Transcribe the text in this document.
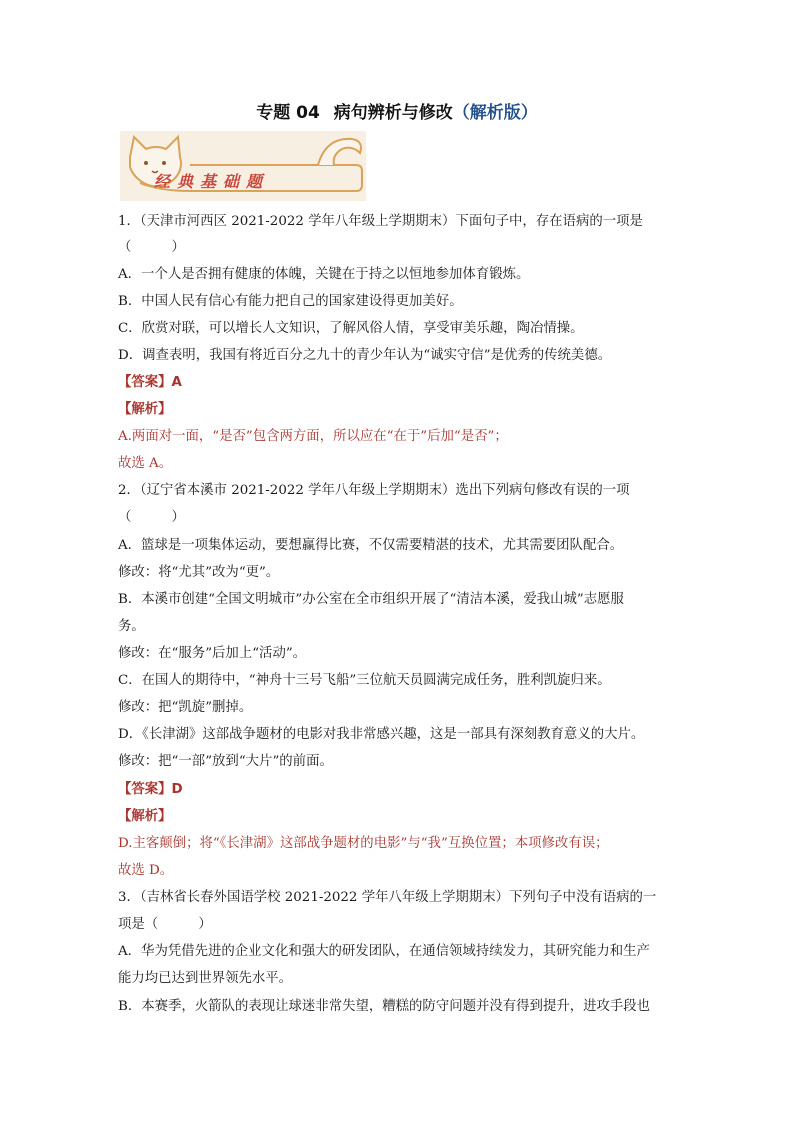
专题 04 病句辨析与修改（解析版）
经典基础题
1．（天津市河西区 2021-2022 学年八年级上学期期末）下面句子中，存在语病的一项是
（　　　）
A．一个人是否拥有健康的体魄，关键在于持之以恒地参加体育锻炼。
B．中国人民有信心有能力把自己的国家建设得更加美好。
C．欣赏对联，可以增长人文知识，了解风俗人情，享受审美乐趣，陶冶情操。
D．调查表明，我国有将近百分之九十的青少年认为“诚实守信”是优秀的传统美德。
【答案】A
【解析】
A.两面对一面，“是否”包含两方面，所以应在“在于”后加“是否”；
故选 A。
2．（辽宁省本溪市 2021-2022 学年八年级上学期期末）选出下列病句修改有误的一项
（　　　）
A．篮球是一项集体运动，要想赢得比赛，不仅需要精湛的技术，尤其需要团队配合。
修改：将“尤其”改为“更”。
B．本溪市创建“全国文明城市”办公室在全市组织开展了“清洁本溪，爱我山城”志愿服
务。
修改：在“服务”后加上“活动”。
C．在国人的期待中，“神舟十三号飞船”三位航天员圆满完成任务，胜利凯旋归来。
修改：把“凯旋”删掉。
D．《长津湖》这部战争题材的电影对我非常感兴趣，这是一部具有深刻教育意义的大片。
修改：把“一部”放到“大片”的前面。
【答案】D
【解析】
D.主客颠倒；将“《长津湖》这部战争题材的电影”与“我”互换位置；本项修改有误；
故选 D。
3．（吉林省长春外国语学校 2021-2022 学年八年级上学期期末）下列句子中没有语病的一
项是（　　　）
A．华为凭借先进的企业文化和强大的研发团队，在通信领域持续发力，其研究能力和生产
能力均已达到世界领先水平。
B．本赛季，火箭队的表现让球迷非常失望，糟糕的防守问题并没有得到提升，进攻手段也
